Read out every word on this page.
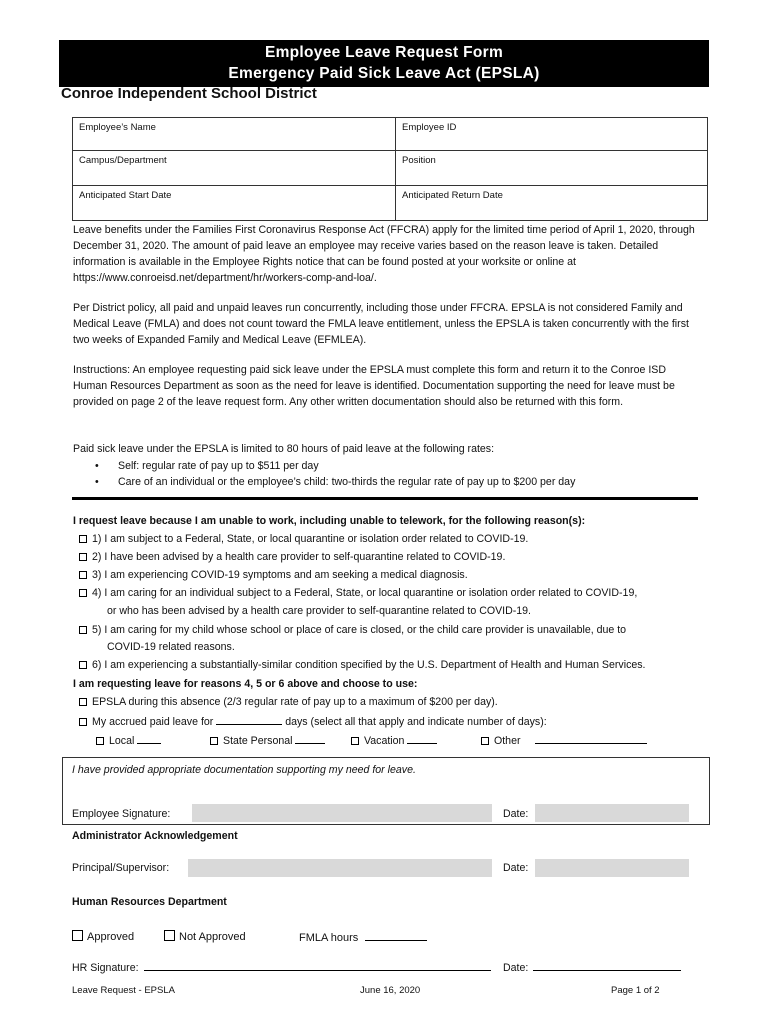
Employee Leave Request Form
Emergency Paid Sick Leave Act (EPSLA)
Conroe Independent School District
Employee’s Name	Employee ID
Campus/Department	Position
Anticipated Start Date	Anticipated Return Date
Leave benefits under the Families First Coronavirus Response Act (FFCRA) apply for the limited time period of April 1, 2020, through December 31, 2020. The amount of paid leave an employee may receive varies based on the reason leave is taken. Detailed information is available in the Employee Rights notice that can be found posted at your worksite or online at https://www.conroeisd.net/department/hr/workers-comp-and-loa/.
Per District policy, all paid and unpaid leaves run concurrently, including those under FFCRA. EPSLA is not considered Family and Medical Leave (FMLA) and does not count toward the FMLA leave entitlement, unless the EPSLA is taken concurrently with the first two weeks of Expanded Family and Medical Leave (EFMLEA).
Instructions: An employee requesting paid sick leave under the EPSLA must complete this form and return it to the Conroe ISD Human Resources Department as soon as the need for leave is identified. Documentation supporting the need for leave must be provided on page 2 of the leave request form. Any other written documentation should also be returned with this form.
Paid sick leave under the EPSLA is limited to 80 hours of paid leave at the following rates:
• Self: regular rate of pay up to $511 per day
• Care of an individual or the employee’s child: two-thirds the regular rate of pay up to $200 per day
I request leave because I am unable to work, including unable to telework, for the following reason(s):
1) I am subject to a Federal, State, or local quarantine or isolation order related to COVID-19.
2) I have been advised by a health care provider to self-quarantine related to COVID-19.
3) I am experiencing COVID-19 symptoms and am seeking a medical diagnosis.
4) I am caring for an individual subject to a Federal, State, or local quarantine or isolation order related to COVID-19,
or who has been advised by a health care provider to self-quarantine related to COVID-19.
5) I am caring for my child whose school or place of care is closed, or the child care provider is unavailable, due to
COVID-19 related reasons.
6) I am experiencing a substantially-similar condition specified by the U.S. Department of Health and Human Services.
I am requesting leave for reasons 4, 5 or 6 above and choose to use:
EPSLA during this absence (2/3 regular rate of pay up to a maximum of $200 per day).
My accrued paid leave for	days (select all that apply and indicate number of days):
Local	State Personal	Vacation	Other
I have provided appropriate documentation supporting my need for leave.
Employee Signature:	Date:
Administrator Acknowledgement
Principal/Supervisor:	Date:
Human Resources Department
Approved	Not Approved	FMLA hours
HR Signature:	Date:
Leave Request - EPSLA	June 16, 2020	Page 1 of 2
